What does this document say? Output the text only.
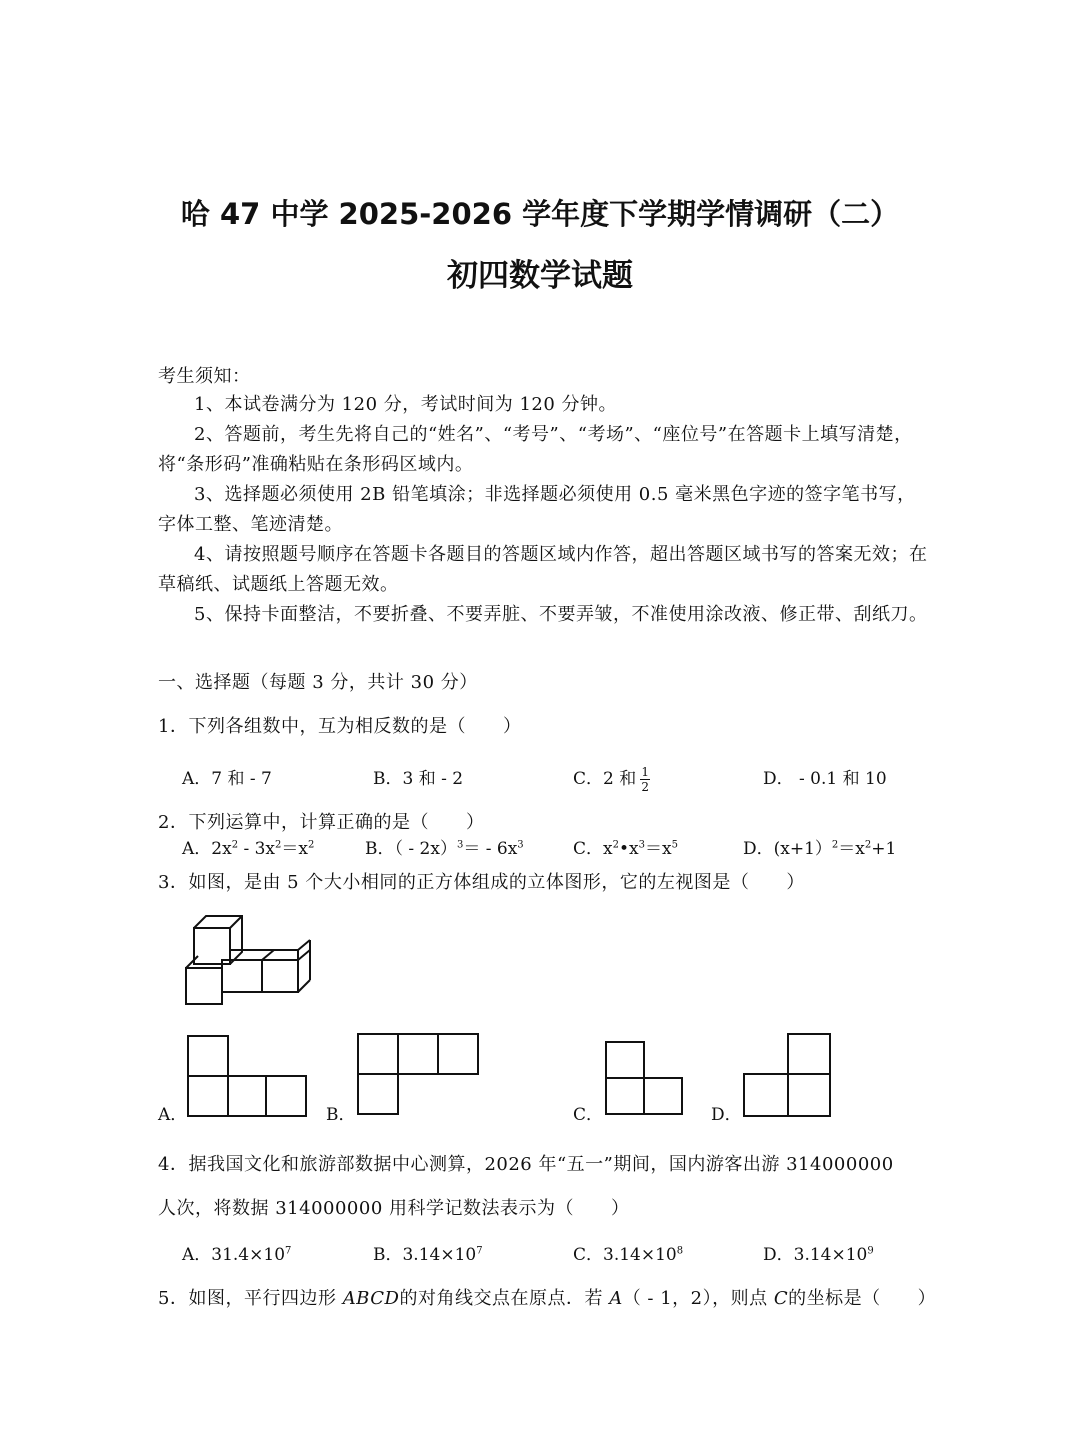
哈 47 中学 2025-2026 学年度下学期学情调研（二）
初四数学试题
考生须知：
1、本试卷满分为 120 分，考试时间为 120 分钟。
2、答题前，考生先将自己的“姓名”、“考号”、“考场”、“座位号”在答题卡上填写清楚，将“条形码”准确粘贴在条形码区域内。
3、选择题必须使用 2B 铅笔填涂；非选择题必须使用 0.5 毫米黑色字迹的签字笔书写，字体工整、笔迹清楚。
4、请按照题号顺序在答题卡各题目的答题区域内作答，超出答题区域书写的答案无效；在草稿纸、试题纸上答题无效。
5、保持卡面整洁，不要折叠、不要弄脏、不要弄皱，不准使用涂改液、修正带、刮纸刀。
一、选择题（每题 3 分，共计 30 分）
1．下列各组数中，互为相反数的是（　　）
A．7 和 - 7	B．3 和 - 2	C．2 和 $\frac{1}{2}$	D． - 0.1 和 10
2．下列运算中，计算正确的是（　　）
A．$2x^2 - 3x^2=x^2$	B．（ - $2x)^3= - 6x^3$	C．$x^2•x^3=x^5$	D．$(x+1)^2=x^2+1$
3．如图，是由 5 个大小相同的正方体组成的立体图形，它的左视图是（　　）
A．	B．	C．	D．
4．据我国文化和旅游部数据中心测算，2026 年“五一”期间，国内游客出游 314000000
人次，将数据 314000000 用科学记数法表示为（　　）
A．$31.4\times 10^7$	B．$3.14\times 10^7$	C．$3.14\times 10^8$	D．$3.14\times 10^9$
5．如图，平行四边形 ABCD的对角线交点在原点．若 A（ - 1，2），则点 C的坐标是（　　）
